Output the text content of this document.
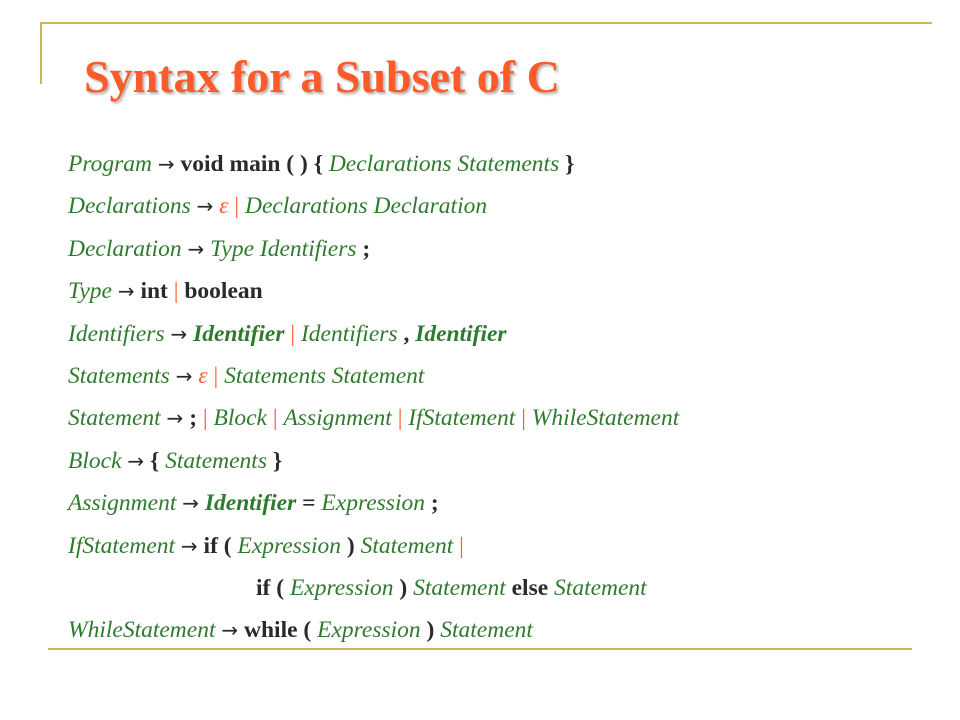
Syntax for a Subset of C
Program → void main ( ) { Declarations Statements }
Declarations → ε | Declarations Declaration
Declaration → Type Identifiers ;
Type → int | boolean
Identifiers → Identifier | Identifiers , Identifier
Statements → ε | Statements Statement
Statement → ; | Block | Assignment | IfStatement | WhileStatement
Block → { Statements }
Assignment → Identifier = Expression ;
IfStatement → if ( Expression ) Statement |
if ( Expression ) Statement else Statement
WhileStatement → while ( Expression ) Statement
